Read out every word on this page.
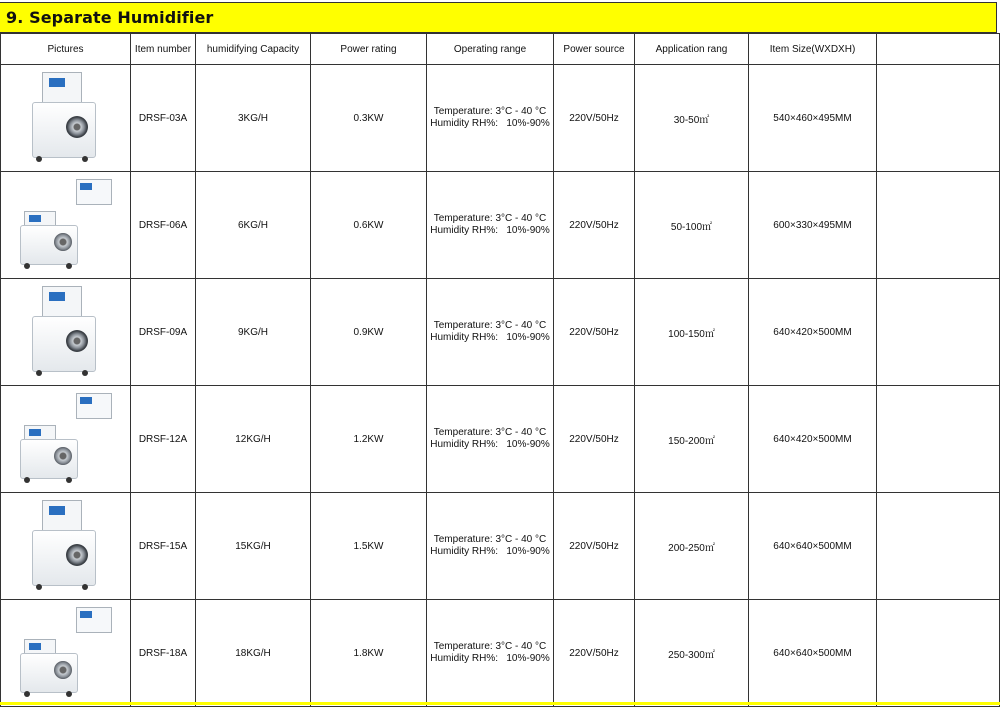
9. Separate Humidifier
Pictures	Item number	humidifying Capacity	Power rating	Operating range	Power source	Application rang	Item Size(WXDXH)	

	DRSF-03A	3KG/H	0.3KW	Temperature: 3°C - 40 °C
Humidity RH%:   10%-90%	220V/50Hz	30-50㎡	540×460×495MM	

	DRSF-06A	6KG/H	0.6KW	Temperature: 3°C - 40 °C
Humidity RH%:   10%-90%	220V/50Hz	50-100㎡	600×330×495MM	

	DRSF-09A	9KG/H	0.9KW	Temperature: 3°C - 40 °C
Humidity RH%:   10%-90%	220V/50Hz	100-150㎡	640×420×500MM	

	DRSF-12A	12KG/H	1.2KW	Temperature: 3°C - 40 °C
Humidity RH%:   10%-90%	220V/50Hz	150-200㎡	640×420×500MM	

	DRSF-15A	15KG/H	1.5KW	Temperature: 3°C - 40 °C
Humidity RH%:   10%-90%	220V/50Hz	200-250㎡	640×640×500MM	

	DRSF-18A	18KG/H	1.8KW	Temperature: 3°C - 40 °C
Humidity RH%:   10%-90%	220V/50Hz	250-300㎡	640×640×500MM	
